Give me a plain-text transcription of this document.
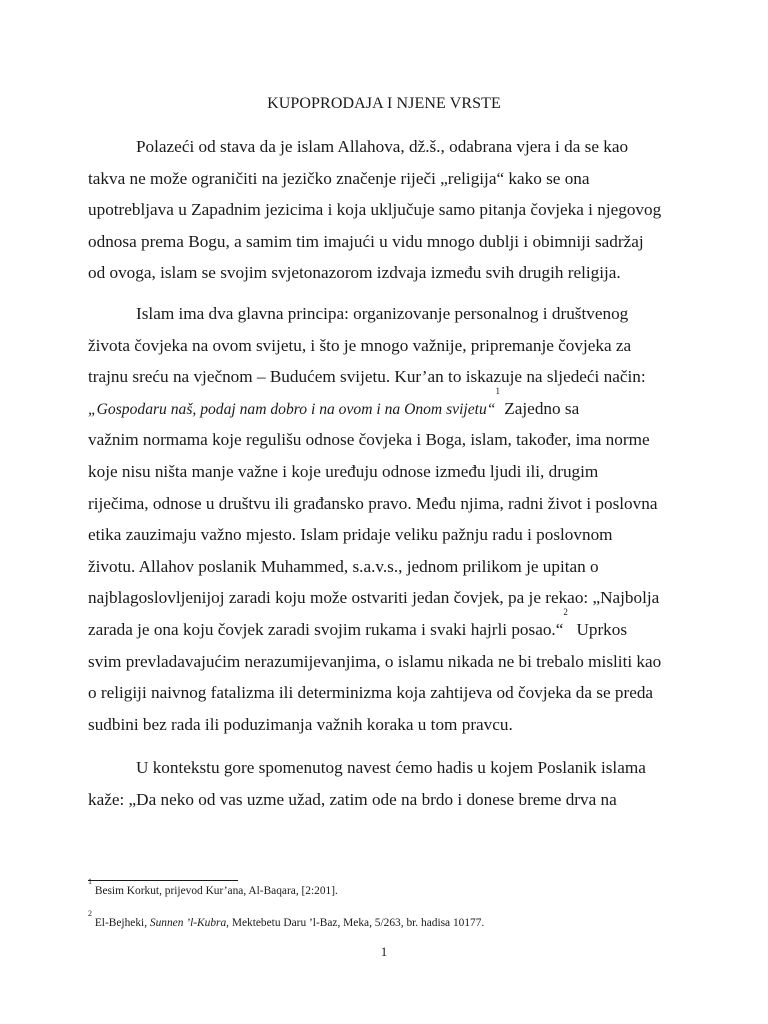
KUPOPRODAJA I NJENE VRSTE
Polazeći od stava da je islam Allahova, dž.š., odabrana vjera i da se kao
takva ne može ograničiti na jezičko značenje riječi „religija“ kako se ona
upotrebljava u Zapadnim jezicima i koja uključuje samo pitanja čovjeka i njegovog
odnosa prema Bogu, a samim tim imajući u vidu mnogo dublji i obimniji sadržaj
od ovoga, islam se svojim svjetonazorom izdvaja između svih drugih religija.
Islam ima dva glavna principa: organizovanje personalnog i društvenog
života čovjeka na ovom svijetu, i što je mnogo važnije, pripremanje čovjeka za
trajnu sreću na vječnom – Budućem svijetu. Kur’an to iskazuje na sljedeći način:
„Gospodaru naš, podaj nam dobro i na ovom i na Onom svijetu“$^1$ Zajedno sa
važnim normama koje regulišu odnose čovjeka i Boga, islam, također, ima norme
koje nisu ništa manje važne i koje uređuju odnose između ljudi ili, drugim
riječima, odnose u društvu ili građansko pravo. Među njima, radni život i poslovna
etika zauzimaju važno mjesto. Islam pridaje veliku pažnju radu i poslovnom
životu. Allahov poslanik Muhammed, s.a.v.s., jednom prilikom je upitan o
najblagoslovljenijoj zaradi koju može ostvariti jedan čovjek, pa je rekao: „Najbolja
zarada je ona koju čovjek zaradi svojim rukama i svaki hajrli posao.“$^2$  Uprkos
svim prevladavajućim nerazumijevanjima, o islamu nikada ne bi trebalo misliti kao
o religiji naivnog fatalizma ili determinizma koja zahtijeva od čovjeka da se preda
sudbini bez rada ili poduzimanja važnih koraka u tom pravcu.
U kontekstu gore spomenutog navest ćemo hadis u kojem Poslanik islama
kaže: „Da neko od vas uzme užad, zatim ode na brdo i donese breme drva na
$^1$ Besim Korkut, prijevod Kur’ana, Al-Baqara, [2:201].
$^2$ El-Bejheki, Sunnen ’l-Kubra, Mektebetu Daru ’l-Baz, Meka, 5/263, br. hadisa 10177.
1
